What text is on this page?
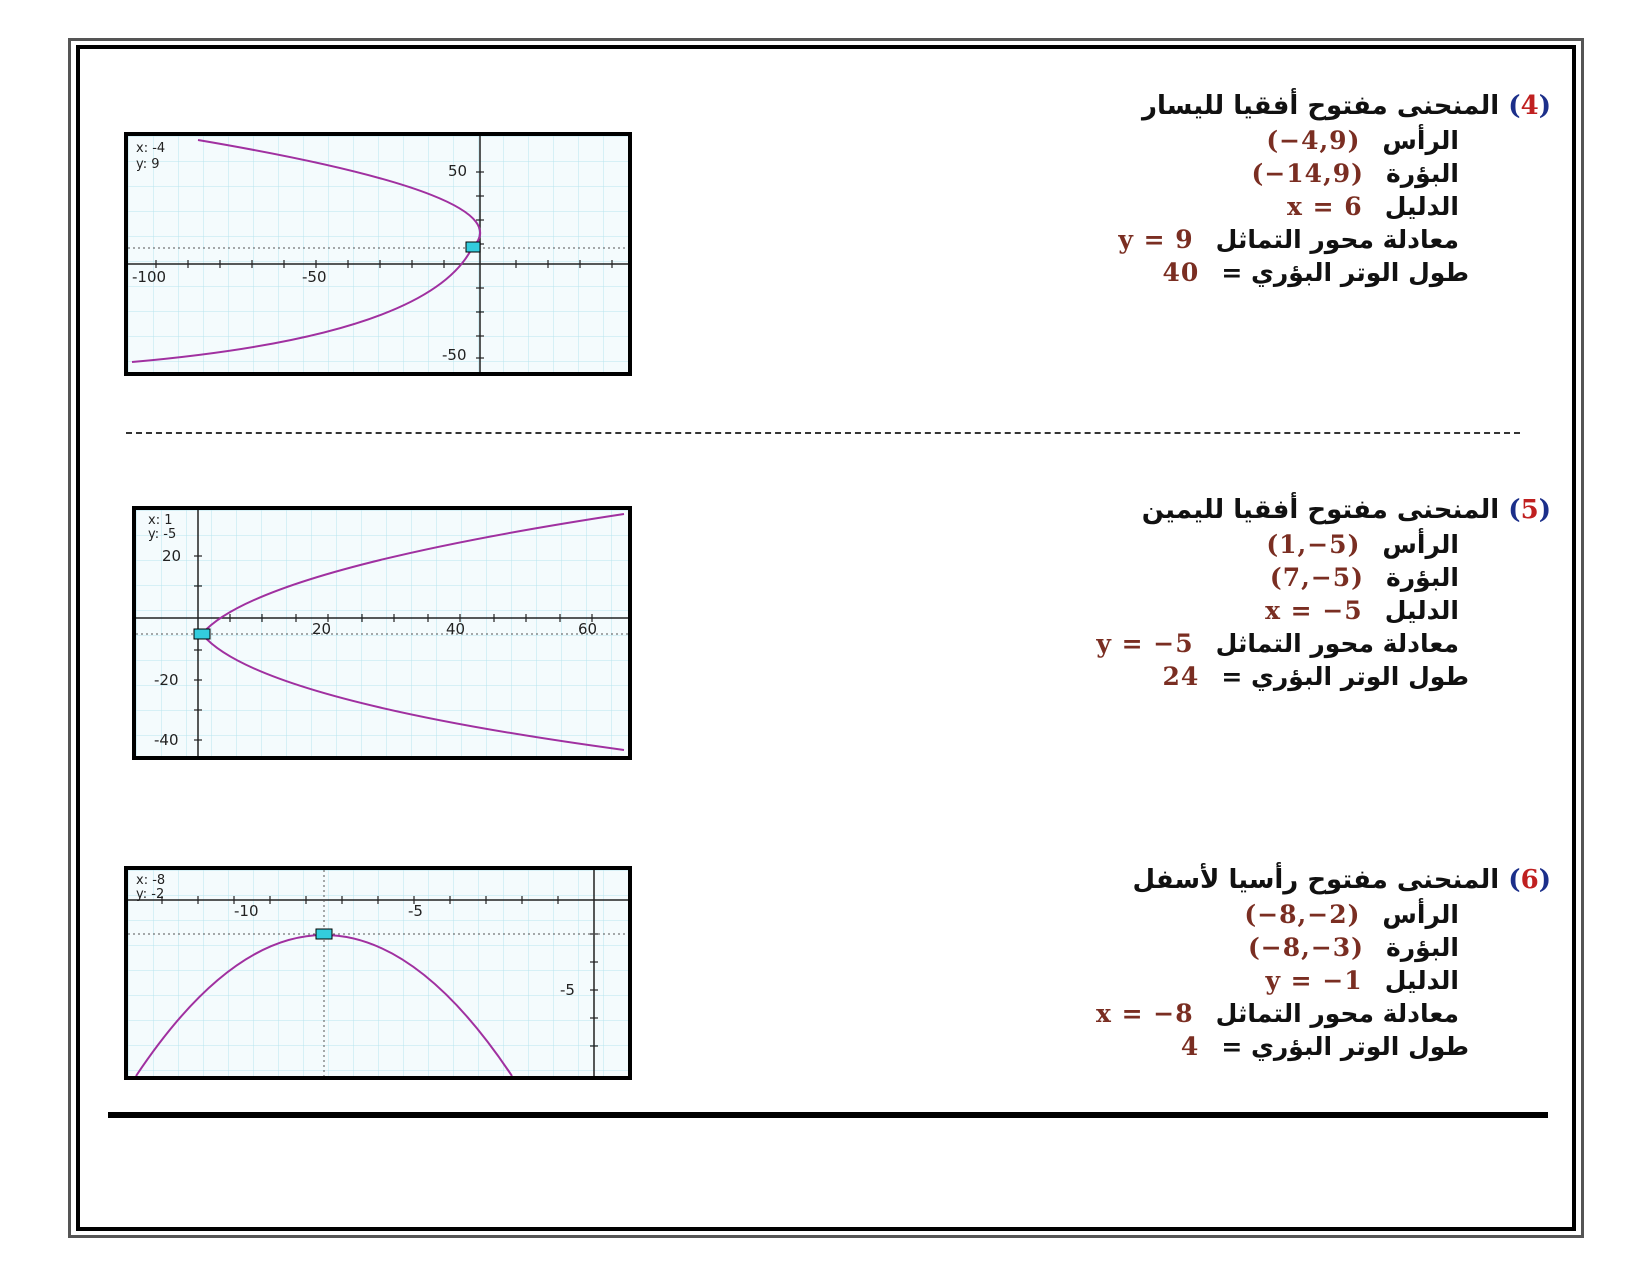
(4) المنحنى مفتوح أفقيا لليسار
الرأس(−4,9)
البؤرة(−14,9)
الدليلx = 6
معادلة محور التماثلy = 9
طول الوتر البؤري =40
x: -4
y: 9
-100	-50
50
-50
(5) المنحنى مفتوح أفقيا لليمين
الرأس(1,−5)
البؤرة(7,−5)
الدليلx = −5
معادلة محور التماثلy = −5
طول الوتر البؤري =24
x: 1
y: -5
20	40	60
20
-20
-40
(6) المنحنى مفتوح رأسيا لأسفل
الرأس(−8,−2)
البؤرة(−8,−3)
الدليلy = −1
معادلة محور التماثلx = −8
طول الوتر البؤري =4
x: -8
y: -2
-10	-5
-5
